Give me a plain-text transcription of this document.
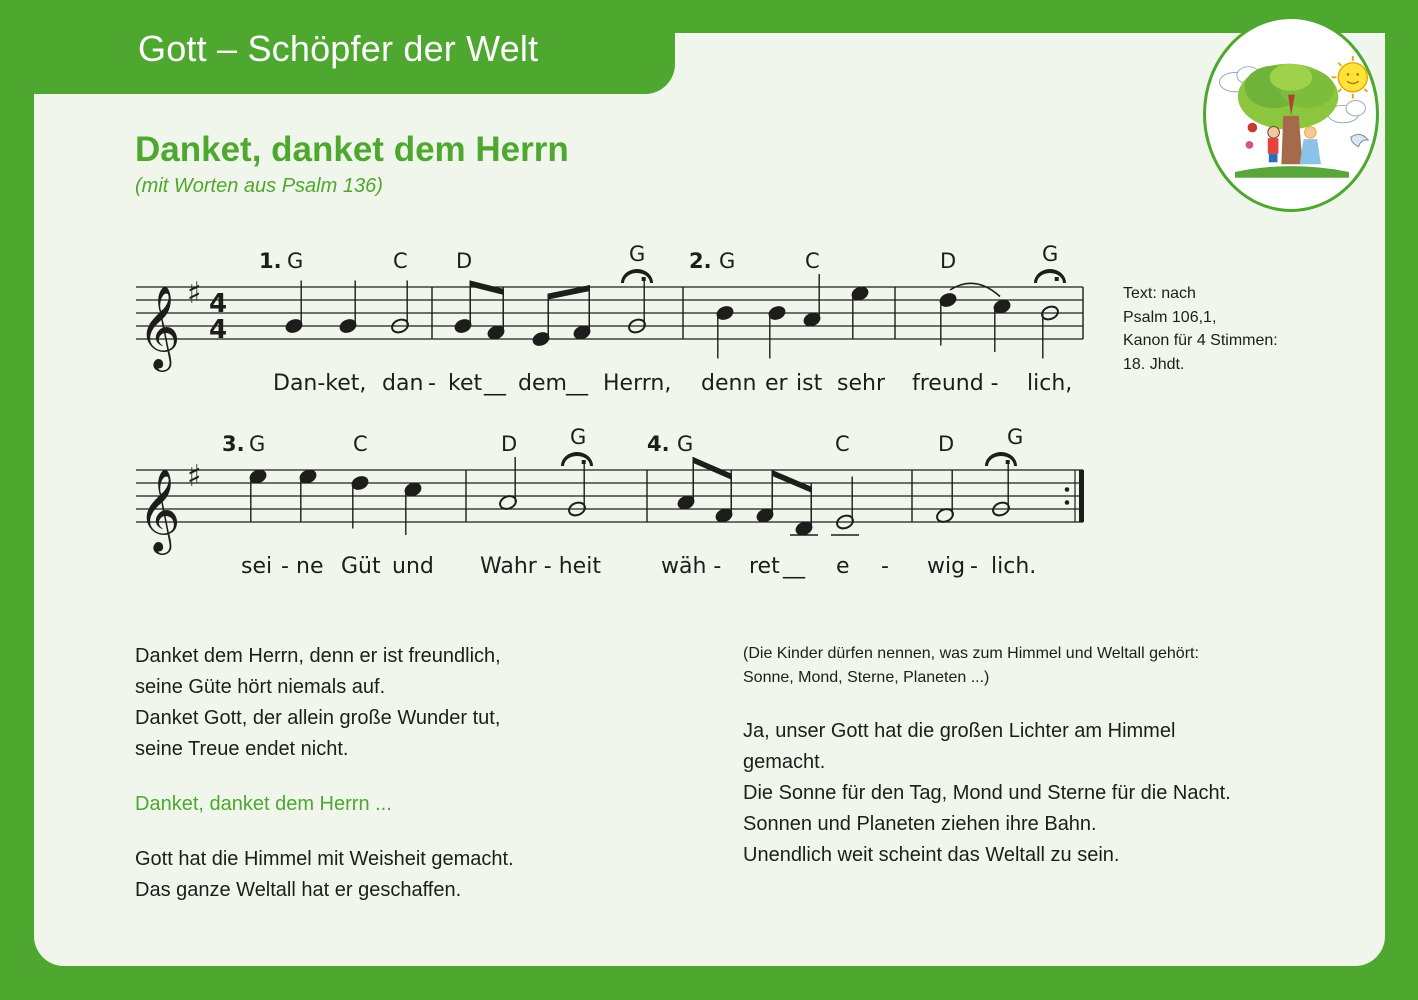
Gott – Schöpfer der Welt
Danket, danket dem Herrn
(mit Worten aus Psalm 136)
𝄞 ♯ 4
4
1.	2.
G	C D	G	G	C	D	G
Dan-ket, dan - ket __ dem __ Herrn, denn er ist sehr freund - lich,
𝄞 ♯
3.	4.
G	C	D	G	G	C	D	G
sei - ne Güt und Wahr - heit	wäh - ret __ e - wig - lich.
Text: nach
Psalm 106,1,
Kanon für 4 Stimmen:
18. Jhdt.
Danket dem Herrn, denn er ist freundlich,
seine Güte hört niemals auf.
Danket Gott, der allein große Wunder tut,
seine Treue endet nicht.
Danket, danket dem Herrn ...
Gott hat die Himmel mit Weisheit gemacht.
Das ganze Weltall hat er geschaffen.
(Die Kinder dürfen nennen, was zum Himmel und Weltall gehört:
Sonne, Mond, Sterne, Planeten ...)
Ja, unser Gott hat die großen Lichter am Himmel
gemacht.
Die Sonne für den Tag, Mond und Sterne für die Nacht.
Sonnen und Planeten ziehen ihre Bahn.
Unendlich weit scheint das Weltall zu sein.
